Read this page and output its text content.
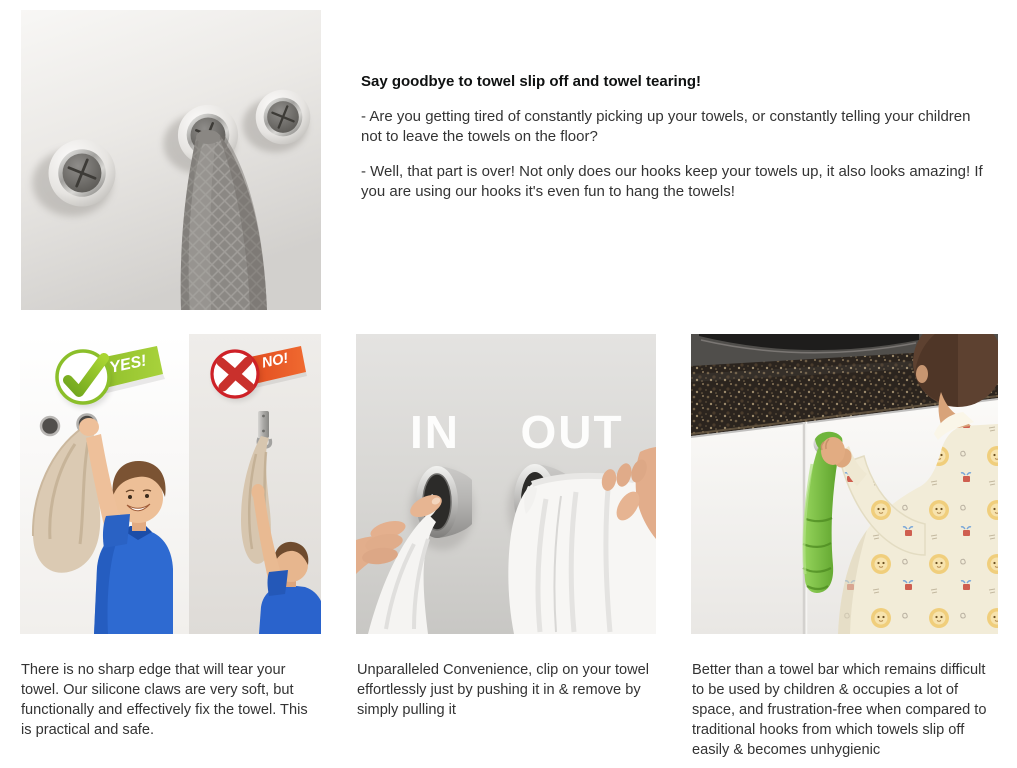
Say goodbye to towel slip off and towel tearing!

- Are you getting tired of constantly picking up your towels, or constantly telling your children not to leave the towels on the floor?

- Well, that part is over! Not only does our hooks keep your towels up, it also looks amazing! If you are using our hooks it's even fun to hang the towels!

YES!	NO!

There is no sharp edge that will tear your towel. Our silicone claws are very soft, but functionally and effectively fix the towel. This is practical and safe.

IN OUT

Unparalleled Convenience, clip on your towel effortlessly just by pushing it in & remove by simply pulling it

Better than a towel bar which remains difficult to be used by children & occupies a lot of space, and frustration-free when compared to traditional hooks from which towels slip off easily & becomes unhygienic
